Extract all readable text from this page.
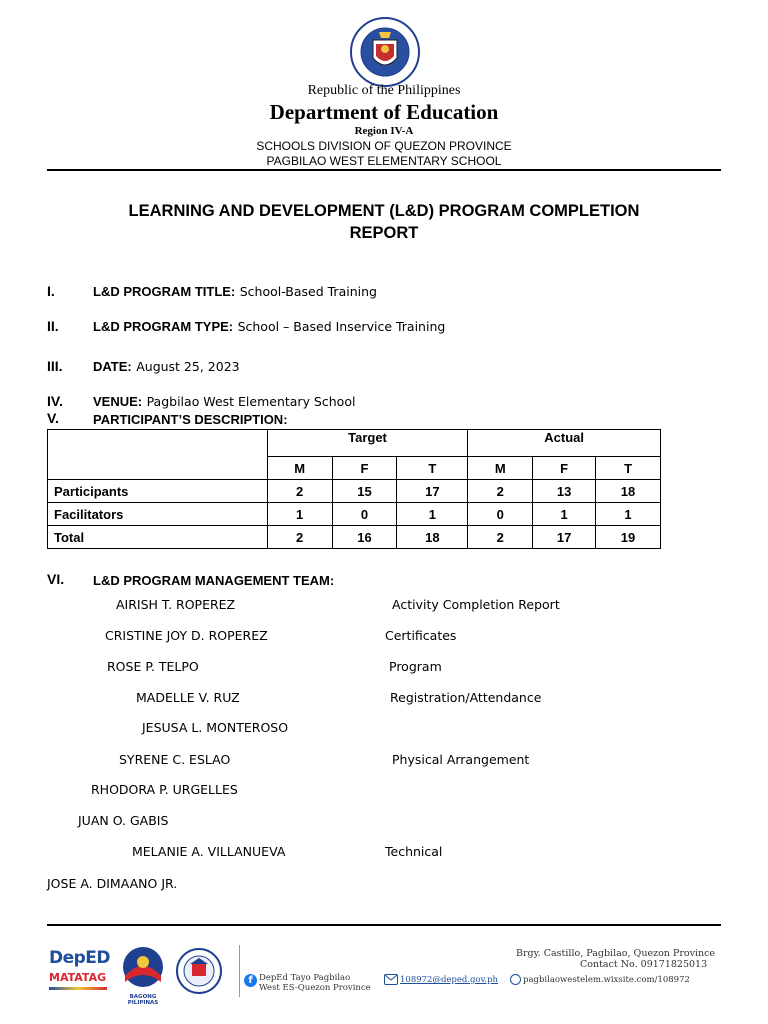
Republic of the Philippines
Department of Education
Region IV-A
SCHOOLS DIVISION OF QUEZON PROVINCE
PAGBILAO WEST ELEMENTARY SCHOOL
LEARNING AND DEVELOPMENT (L&D) PROGRAM COMPLETION
REPORT
I.	L&D PROGRAM TITLE: School-Based Training
II.	L&D PROGRAM TYPE: School – Based Inservice Training
III. DATE: August 25, 2023
IV. VENUE: Pagbilao West Elementary School
V.	PARTICIPANT’S DESCRIPTION:
	Target			Actual		
	M	F	T	M	F	T
Participants	2	15	17	2	13	18
Facilitators	1	0	1	0	1	1
Total	2	16	18	2	17	19
VI. L&D PROGRAM MANAGEMENT TEAM:
AIRISH T. ROPEREZ	Activity Completion Report
CRISTINE JOY D. ROPEREZ	Certificates
ROSE P. TELPO	Program
MADELLE V. RUZ	Registration/Attendance
JESUSA L. MONTEROSO
SYRENE C. ESLAO	Physical Arrangement
RHODORA P. URGELLES
JUAN O. GABIS
MELANIE A. VILLANUEVA	Technical
JOSE A. DIMAANO JR.
DepED
MATATAG
BAGONG PILIPINAS
f DepEd Tayo Pagbilao
West ES-Quezon Province
108972@deped.gov.ph	pagbilaowestelem.wixsite.com/108972
Brgy. Castillo, Pagbilao, Quezon Province
Contact No. 09171825013
